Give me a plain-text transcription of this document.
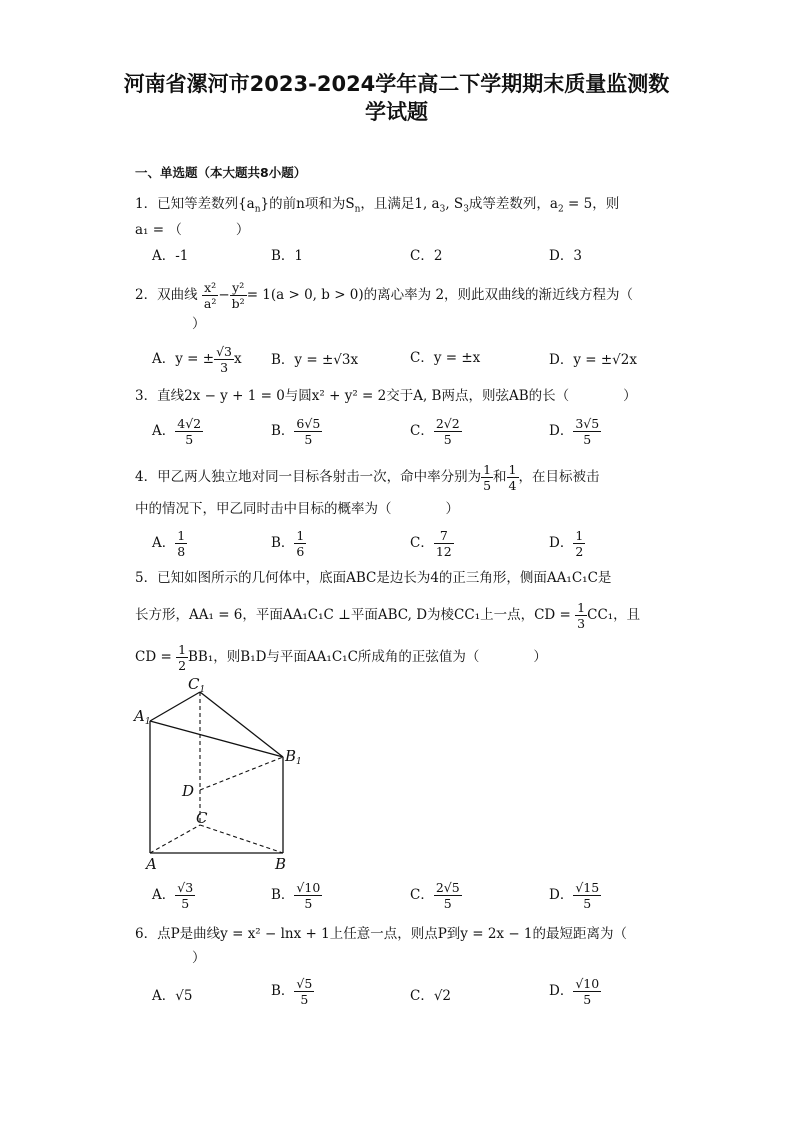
河南省漯河市2023-2024学年高二下学期期末质量监测数
学试题
一、单选题（本大题共8小题）
1．已知等差数列$\{a_n\}$的前n项和为$S_n$，且满足1, $a_3$, $S_3$成等差数列，$a_2 = 5$，则
a₁ = （　　　　）
A．-1	B．1	C．2	D．3
2．双曲线 $\frac{\text{x²}}{\text{a²}} - \frac{\text{y²}}{\text{b²}} = 1(a > 0$, b > 0)的离心率为 2，则此双曲线的渐近线方程为（
）
A．y = ± $\frac{√3}{3}$ x B．y = ±√3x	C．y = ±x	D．y = ±√2x
3．直线2x − y + 1 = 0与圆x² + y² = 2交于A, B两点，则弦AB的长（　　　　）
A． $\frac{4√2}{5}$	B． $\frac{6√5}{5}$	C． $\frac{2√2}{5}$	D． $\frac{3√5}{5}$
4．甲乙两人独立地对同一目标各射击一次，命中率分别为 $\frac{1}{5}$ 和 $\frac{1}{4}$ ，在目标被击
中的情况下，甲乙同时击中目标的概率为（　　　　）
A． $\frac{1}{8}$	B． $\frac{1}{6}$	C． $\frac{7}{12}$	D． $\frac{1}{2}$
5．已知如图所示的几何体中，底面ABC是边长为4的正三角形，侧面AA₁C₁C是
长方形，AA₁ = 6，平面AA₁C₁C ⊥平面ABC, D为棱CC₁上一点，CD = $\frac{1}{3} CC_1$，且
CD = $\frac{1}{2} BB_1$，则B₁D与平面AA₁C₁C所成角的正弦值为（　　　　）
$C_1$
$A_1$
$B_1$
D
C
A	B
A． $\frac{√3}{5}$	B． $\frac{√10}{5}$	C． $\frac{2√5}{5}$	D． $\frac{√15}{5}$
6．点P是曲线y = x² − lnx + 1上任意一点，则点P到y = 2x − 1的最短距离为（
）
A．√5	B． $\frac{√5}{5}$	C．√2	D． $\frac{√10}{5}$
